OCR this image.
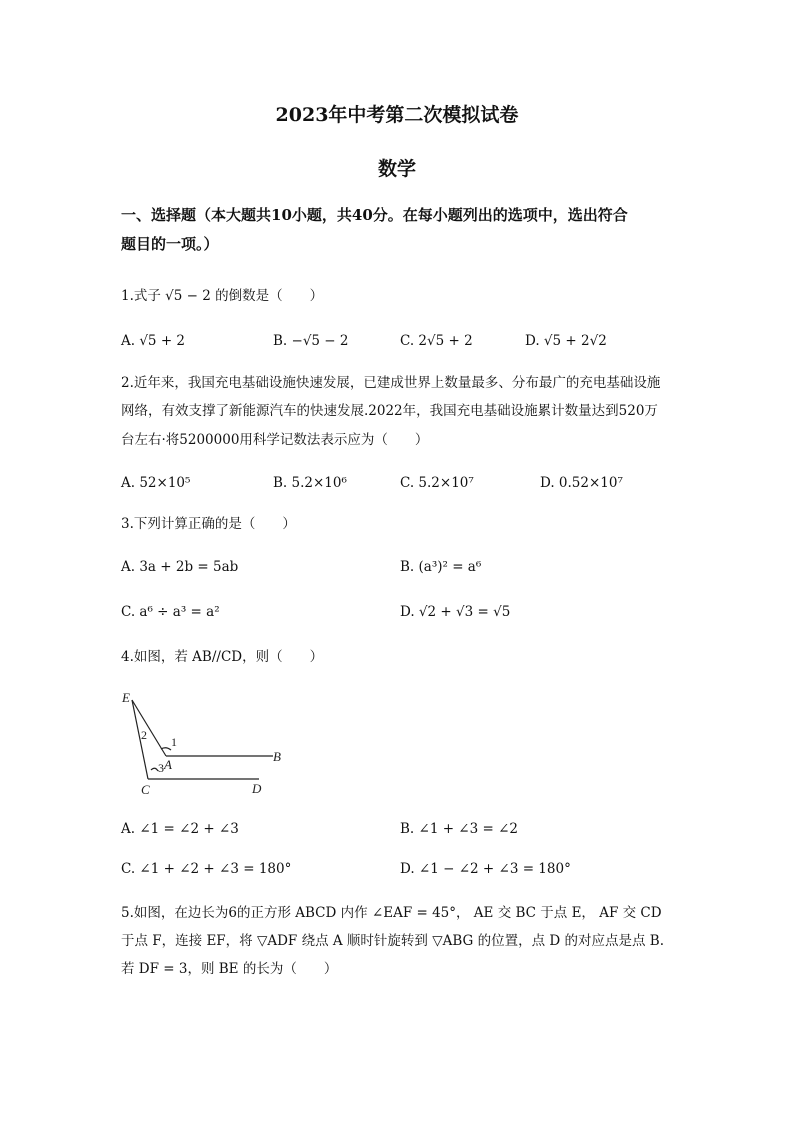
2023年中考第二次模拟试卷
数学
一、选择题（本大题共10小题，共40分。在每小题列出的选项中，选出符合
题目的一项。）
1.式子 √5 − 2 的倒数是（　　）
A. √5 + 2	B. −√5 − 2	C. 2√5 + 2	D. √5 + 2√2
2.近年来，我国充电基础设施快速发展，已建成世界上数量最多、分布最广的充电基础设施
网络，有效支撑了新能源汽车的快速发展.2022年，我国充电基础设施累计数量达到520万
台左右·将5200000用科学记数法表示应为（　　）
A. 52×10⁵	B. 5.2×10⁶	C. 5.2×10⁷	D. 0.52×10⁷
3.下列计算正确的是（　　）
A. 3a + 2b = 5ab	B. (a³)² = a⁶
C. a⁶ ÷ a³ = a²	D. √2 + √3 = √5
4.如图，若 AB//CD，则（　　）
E
C	D
B
A
1
2
3
A. ∠1 = ∠2 + ∠3	B. ∠1 + ∠3 = ∠2
C. ∠1 + ∠2 + ∠3 = 180°	D. ∠1 − ∠2 + ∠3 = 180°
5.如图，在边长为6的正方形 ABCD 内作 ∠EAF = 45°， AE 交 BC 于点 E， AF 交 CD
于点 F，连接 EF，将 ▽ADF 绕点 A 顺时针旋转到 ▽ABG 的位置，点 D 的对应点是点 B.
若 DF = 3，则 BE 的长为（　　）
